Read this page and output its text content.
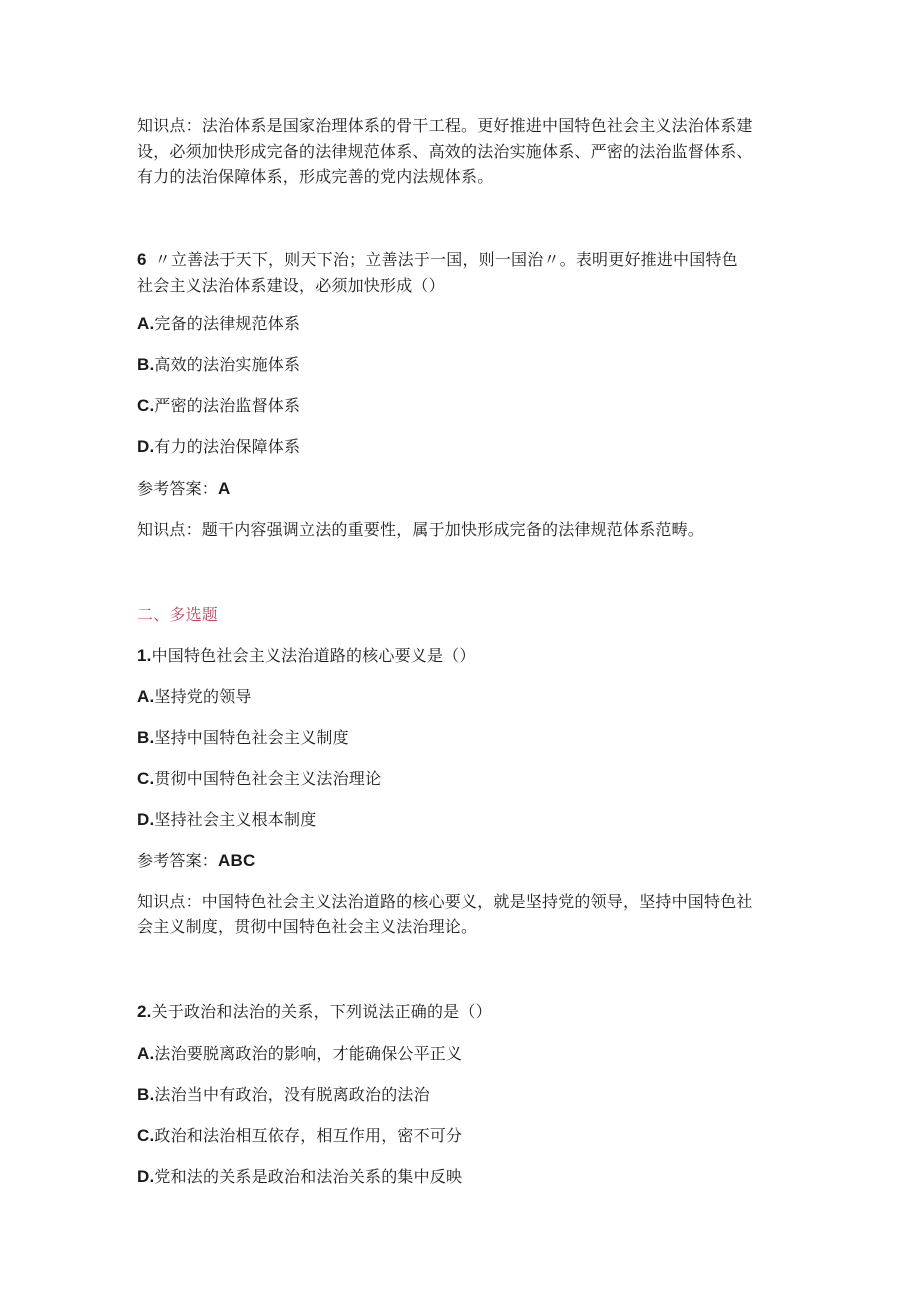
知识点：法治体系是国家治理体系的骨干工程。更好推进中国特色社会主义法治体系建
设，必须加快形成完备的法律规范体系、高效的法治实施体系、严密的法治监督体系、
有力的法治保障体系，形成完善的党内法规体系。
6 〃立善法于天下，则天下治；立善法于一国，则一国治〃。表明更好推进中国特色
社会主义法治体系建设，必须加快形成（）
A.完备的法律规范体系
B.高效的法治实施体系
C.严密的法治监督体系
D.有力的法治保障体系
参考答案：A
知识点：题干内容强调立法的重要性，属于加快形成完备的法律规范体系范畴。
二、多选题
1.中国特色社会主义法治道路的核心要义是（）
A.坚持党的领导
B.坚持中国特色社会主义制度
C.贯彻中国特色社会主义法治理论
D.坚持社会主义根本制度
参考答案：ABC
知识点：中国特色社会主义法治道路的核心要义，就是坚持党的领导，坚持中国特色社
会主义制度，贯彻中国特色社会主义法治理论。
2.关于政治和法治的关系，下列说法正确的是（）
A.法治要脱离政治的影响，才能确保公平正义
B.法治当中有政治，没有脱离政治的法治
C.政治和法治相互依存，相互作用，密不可分
D.党和法的关系是政治和法治关系的集中反映
